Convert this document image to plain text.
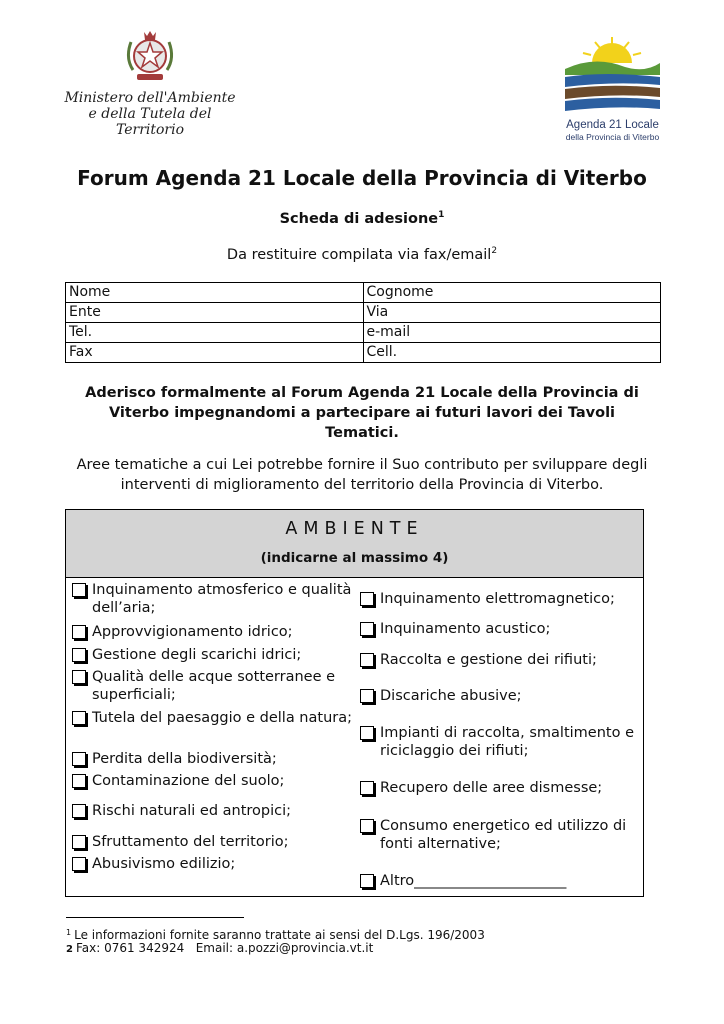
Ministero dell'Ambiente
e della Tutela del Territorio	Agenda 21 Locale
della Provincia di Viterbo
Forum Agenda 21 Locale della Provincia di Viterbo
Scheda di adesione$^1$
Da restituire compilata via fax/email$^2$
Nome	Cognome
Ente	Via
Tel.	e-mail
Fax	Cell.
Aderisco formalmente al Forum Agenda 21 Locale della Provincia di Viterbo impegnandomi a partecipare ai futuri lavori dei Tavoli Tematici.
Aree tematiche a cui Lei potrebbe fornire il Suo contributo per sviluppare degli interventi di miglioramento del territorio della Provincia di Viterbo.
AMBIENTE
(indicarne al massimo 4)
Inquinamento atmosferico e qualità dell’aria;
Approvvigionamento idrico;
Gestione degli scarichi idrici;
Qualità delle acque sotterranee e superficiali;
Tutela del paesaggio e della natura;
Perdita della biodiversità;
Contaminazione del suolo;
Rischi naturali ed antropici;
Sfruttamento del territorio;
Abusivismo edilizio;
Inquinamento elettromagnetico;
Inquinamento acustico;
Raccolta e gestione dei rifiuti;
Discariche abusive;
Impianti di raccolta, smaltimento e riciclaggio dei rifiuti;
Recupero delle aree dismesse;
Consumo energetico ed utilizzo di fonti alternative;
Altro_____________________
$^1$ Le informazioni fornite saranno trattate ai sensi del D.Lgs. 196/2003
2 Fax: 0761 342924   Email: a.pozzi@provincia.vt.it
